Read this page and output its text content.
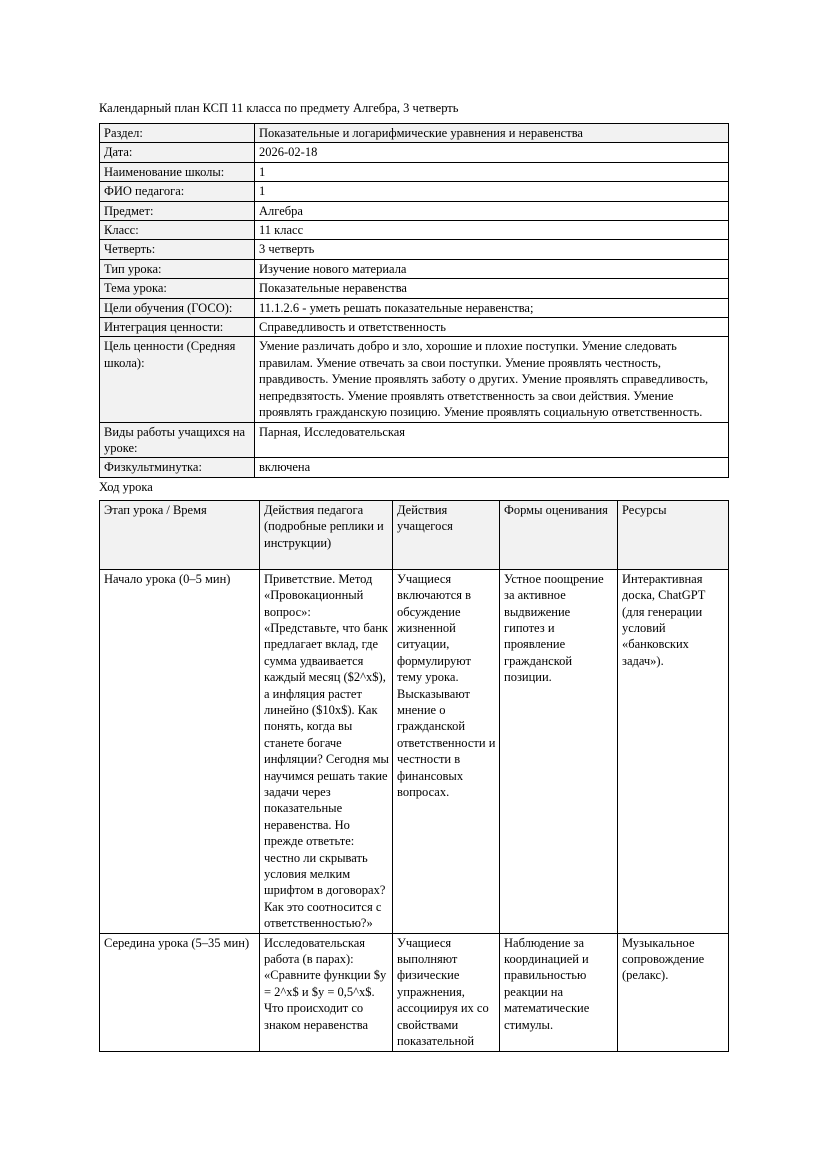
Календарный план КСП 11 класса по предмету Алгебра, 3 четверть

Раздел:	Показательные и логарифмические уравнения и неравенства
Дата:	2026-02-18
Наименование школы:	1
ФИО педагога:	1
Предмет:	Алгебра
Класс:	11 класс
Четверть:	3 четверть
Тип урока:	Изучение нового материала
Тема урока:	Показательные неравенства
Цели обучения (ГОСО):	11.1.2.6 - уметь решать показательные неравенства;
Интеграция ценности:	Справедливость и ответственность
Цель ценности (Средняя школа):	Умение различать добро и зло, хорошие и плохие поступки. Умение следовать правилам. Умение отвечать за свои поступки. Умение проявлять честность, правдивость. Умение проявлять заботу о других. Умение проявлять справедливость, непредвзятость. Умение проявлять ответственность за свои действия. Умение проявлять гражданскую позицию. Умение проявлять социальную ответственность.
Виды работы учащихся на уроке:	Парная, Исследовательская
Физкультминутка:	включена

Ход урока

Этап урока / Время	Действия педагога (подробные реплики и инструкции)	Действия учащегося	Формы оценивания	Ресурсы
Начало урока (0–5 мин)	Приветствие. Метод «Провокационный вопрос»: «Представьте, что банк предлагает вклад, где сумма удваивается каждый месяц ($2^x$), а инфляция растет линейно ($10x$). Как понять, когда вы станете богаче инфляции? Сегодня мы научимся решать такие задачи через показательные неравенства. Но прежде ответьте: честно ли скрывать условия мелким шрифтом в договорах? Как это соотносится с ответственностью?»	Учащиеся включаются в обсуждение жизненной ситуации, формулируют тему урока. Высказывают мнение о гражданской ответственности и честности в финансовых вопросах.	Устное поощрение за активное выдвижение гипотез и проявление гражданской позиции.	Интерактивная доска, ChatGPT (для генерации условий «банковских задач»).
Середина урока (5–35 мин)	Исследовательская работа (в парах): «Сравните функции $y = 2^x$ и $y = 0,5^x$. Что происходит со знаком неравенства	Учащиеся выполняют физические упражнения, ассоциируя их со свойствами показательной	Наблюдение за координацией и правильностью реакции на математические стимулы.	Музыкальное сопровождение (релакс).
